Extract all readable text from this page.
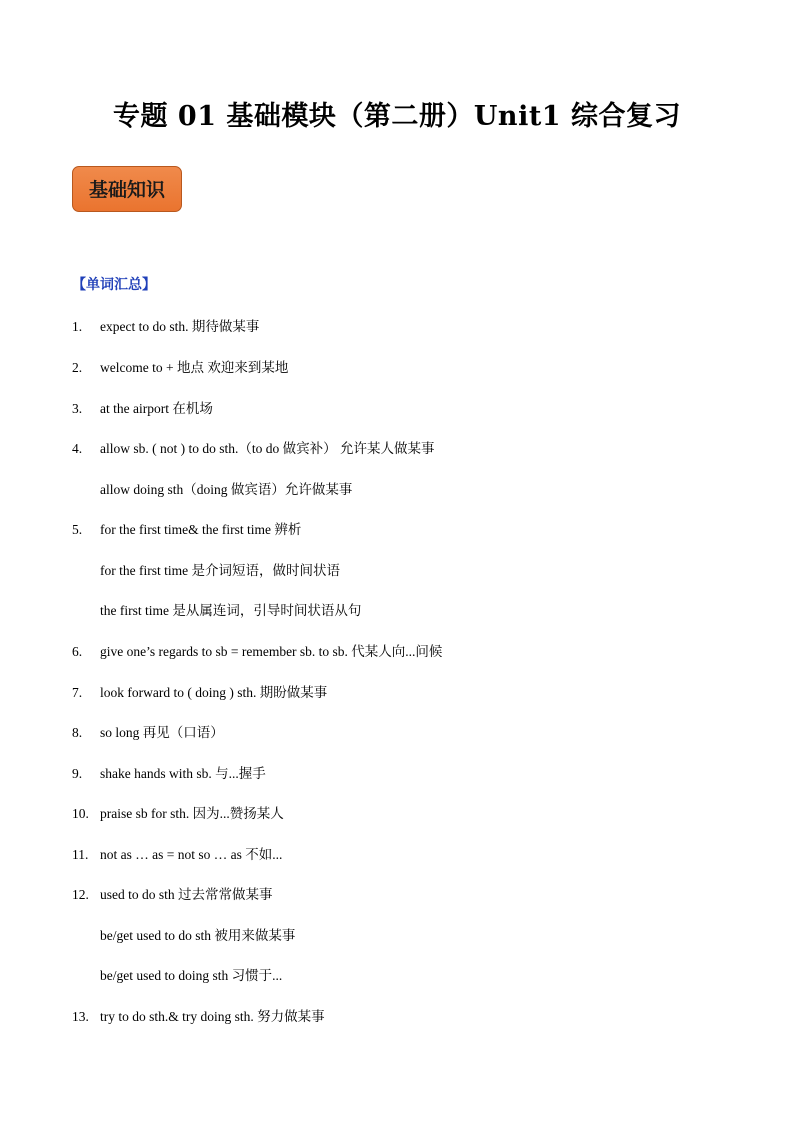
专题 01 基础模块（第二册）Unit1 综合复习
基础知识
【单词汇总】
1. expect to do sth. 期待做某事
2. welcome to + 地点 欢迎来到某地
3. at the airport 在机场
4. allow sb. ( not ) to do sth.（to do 做宾补） 允许某人做某事
allow doing sth（doing 做宾语）允许做某事
5. for the first time& the first time 辨析
for the first time 是介词短语，做时间状语
the first time 是从属连词，引导时间状语从句
6. give one’s regards to sb = remember sb. to sb. 代某人向...问候
7. look forward to ( doing ) sth. 期盼做某事
8. so long 再见（口语）
9. shake hands with sb. 与...握手
10. praise sb for sth. 因为...赞扬某人
11. not as … as = not so … as 不如...
12. used to do sth 过去常常做某事
be/get used to do sth 被用来做某事
be/get used to doing sth 习惯于...
13. try to do sth.& try doing sth. 努力做某事
